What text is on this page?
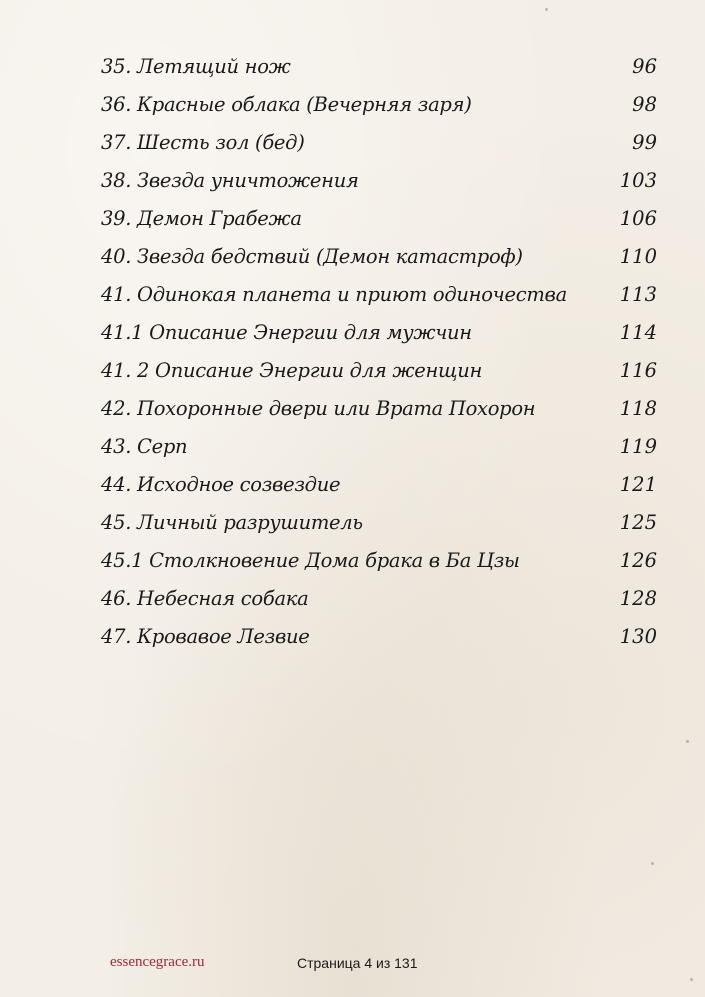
35. Летящий нож	96
36. Красные облака (Вечерняя заря)	98
37. Шесть зол (бед)	99
38. Звезда уничтожения	103
39. Демон Грабежа	106
40. Звезда бедствий (Демон катастроф)	110
41. Одинокая планета и приют одиночества	113
41.1 Описание Энергии для мужчин	114
41. 2 Описание Энергии для женщин	116
42. Похоронные двери или Врата Похорон	118
43. Серп	119
44. Исходное созвездие	121
45. Личный разрушитель	125
45.1 Столкновение Дома брака в Ба Цзы	126
46. Небесная собака	128
47. Кровавое Лезвие	130
essencegrace.ru	Страница 4 из 131
